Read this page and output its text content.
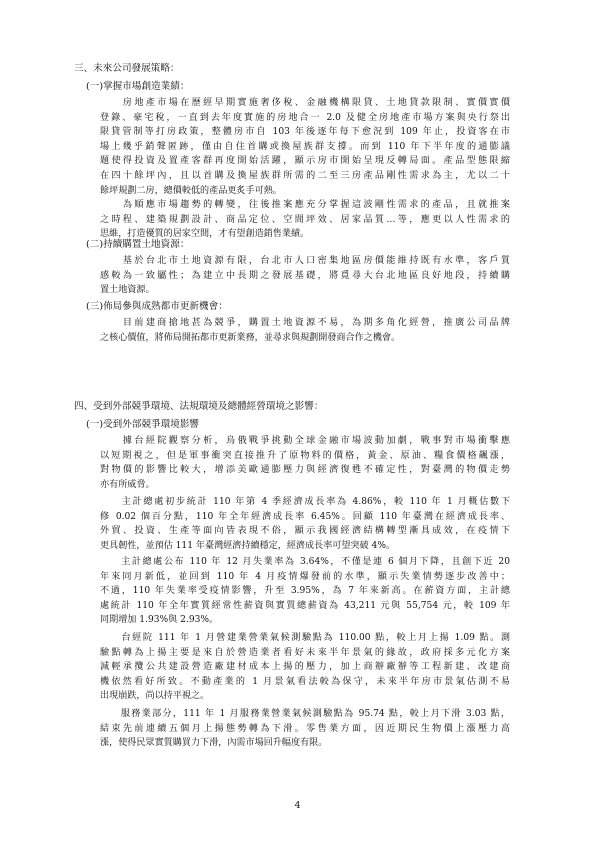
三、未來公司發展策略：
(一)掌握市場創造業績：
　　房地產市場在歷經早期實施奢侈稅、金融機構限貸、土地貸款限制、實價實價
登錄、豪宅稅，一直到去年度實施的房地合一 2.0 及健全房地產市場方案與央行祭出
限貸管制等打房政策，整體房市自 103 年後逐年每下愈況到 109 年止，投資客在市
場上幾乎銷聲匿跡，僅由自住首購或換屋族群支撐。而到 110 年下半年度的通膨議
題使得投資及置產客群再度開始活躍，顯示房市開始呈現反轉局面。產品型態限縮
在四十餘坪內，且以首購及換屋族群所需的二至三房產品剛性需求為主，尤以二十
餘坪規劃二房，總價較低的產品更炙手可熱。
　　為順應市場趨勢的轉變，往後推案應充分掌握這波剛性需求的產品，且就推案
之時程、建築規劃設計、商品定位、空間坪效、居家品質…等，應更以人性需求的
思維，打造優質的居家空間，才有望創造銷售業績。
(二)持續購置土地資源：
　　基於台北市土地資源有限，台北市人口密集地區房價能維持既有水準，客戶質
感較為一致屬性；為建立中長期之發展基礎，將覓尋大台北地區良好地段，持續購
置土地資源。
(三)佈局參與成熟都市更新機會：
　　目前建商搶地甚為競爭，購置土地資源不易，為期多角化經營，推廣公司品牌
之核心價值，將佈局開拓都市更新業務，並尋求與規劃開發商合作之機會。
四、受到外部競爭環境、法規環境及總體經營環境之影響：
(一)受到外部競爭環境影響
　　據台經院觀察分析，烏俄戰爭挑動全球金融市場波動加劇，戰事對市場衝擊應
以短期視之，但是軍事衝突直接推升了原物料的價格，黃金、原油、糧食價格飆漲，
對物價的影響比較大，增添美歐通膨壓力與經濟復甦不確定性，對臺灣的物價走勢
亦有所威脅。
　　主計總處初步統計 110 年第 4 季經濟成長率為 4.86%，較 110 年 1 月概估數下
修 0.02 個百分點，110 年全年經濟成長率 6.45%。回顧 110 年臺灣在經濟成長率、
外貿、投資、生產等面向皆表現不俗，顯示我國經濟結構轉型漸具成效，在疫情下
更具韌性，並預估 111 年臺灣經濟持續穩定，經濟成長率可望突破 4%。
　　主計總處公布 110 年 12 月失業率為 3.64%，不僅是連 6 個月下降，且創下近 20
年來同月新低，並回到 110 年 4 月疫情爆發前的水準，顯示失業情勢逐步改善中；
不過，110 年失業率受疫情影響，升至 3.95%，為 7 年來新高。在薪資方面，主計總
處統計 110 年全年實質經常性薪資與實質總薪資為 43,211 元與 55,754 元，較 109 年
同期增加 1.93%與 2.93%。
　　台經院 111 年 1 月營建業營業氣候測驗點為 110.00 點，較上月上揚 1.09 點。測
驗點轉為上揚主要是來自於營造業者看好未來半年景氣的緣故，政府採多元化方案
減輕承攬公共建設營造廠建材成本上揚的壓力，加上商辦廠辦等工程新建、改建商
機依然看好所致。不動產業的 1 月景氣看法較為保守，未來半年房市景氣估測不易
出現崩跌，尚以持平視之。
　　服務業部分，111 年 1 月服務業營業氣候測驗點為 95.74 點，較上月下滑 3.03 點，
結束先前連續五個月上揚態勢轉為下滑。零售業方面，因近期民生物價上漲壓力高
漲，使得民眾實質購買力下滑，內需市場回升幅度有限。
4
